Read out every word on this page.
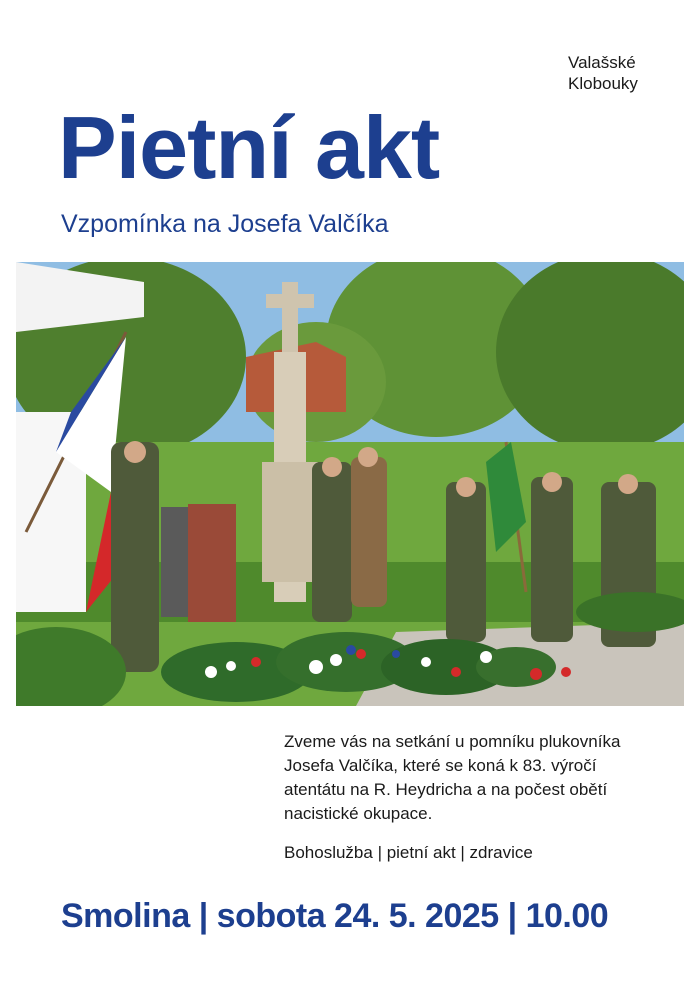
Valašské
Klobouky
Pietní akt
Vzpomínka na Josefa Valčíka
Zveme vás na setkání u pomníku plukovníka Josefa Valčíka, které se koná k 83. výročí atentátu na R. Heydricha a na počest obětí nacistické okupace.
Bohoslužba | pietní akt | zdravice
Smolina | sobota 24. 5. 2025 | 10.00
